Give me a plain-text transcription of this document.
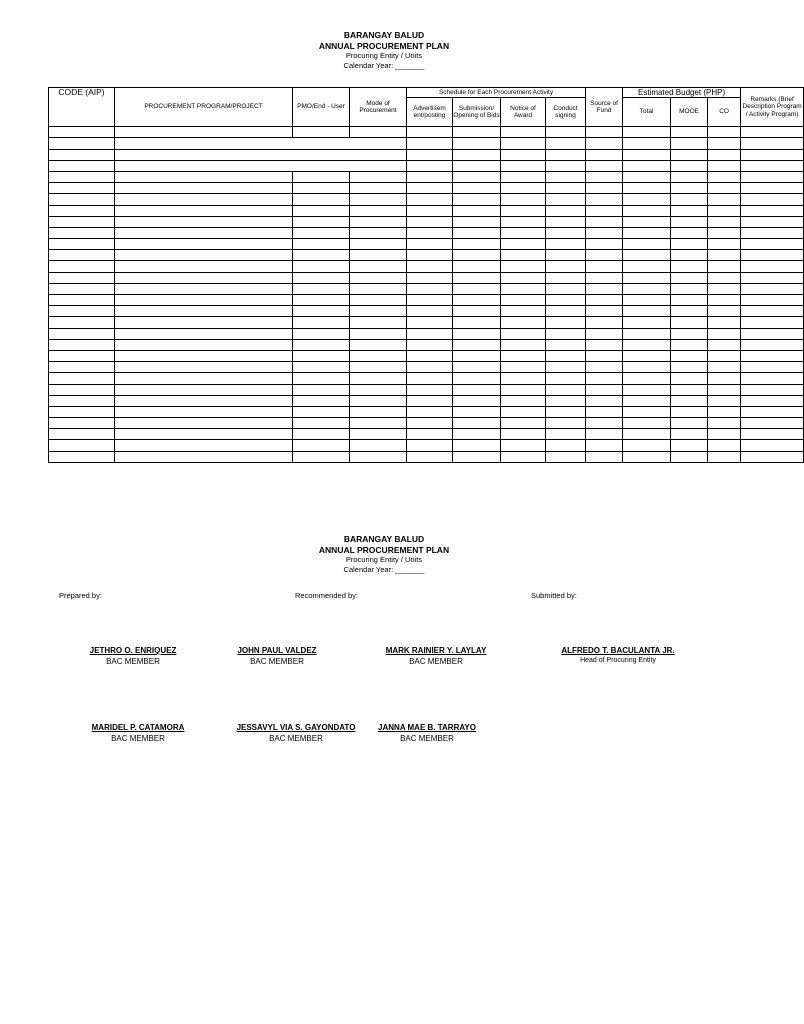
BARANGAY BALUD
ANNUAL PROCUREMENT PLAN
Procuring Entity / Units
Calendar Year: _______
CODE (AIP)	PROCUREMENT PROGRAM/PROJECT	PMO/End - User	Mode of Procurement	Schedule for Each Procurement Activity				Source of Fund	Estimated Budget (PHP)			Remarks (Brief Description Program / Activity Program)	
				Advertisem ent/posting	Submission/ Opening of Bids	Notice of Award	Conduct signing		Total	MOOE	CO		

BARANGAY BALUD
ANNUAL PROCUREMENT PLAN
Procuring Entity / Units
Calendar Year: _______
Prepared by:	Recommended by:	Submitted by:
JETHRO O. ENRIQUEZ
BAC MEMBER
JOHN PAUL VALDEZ
BAC MEMBER
MARK RAINIER Y. LAYLAY
BAC MEMBER
ALFREDO T. BACULANTA JR.
Head of Procuring Entity
MARIDEL P. CATAMORA
BAC MEMBER
JESSAVYL VIA S. GAYONDATO
BAC MEMBER
JANNA MAE B. TARRAYO
BAC MEMBER
